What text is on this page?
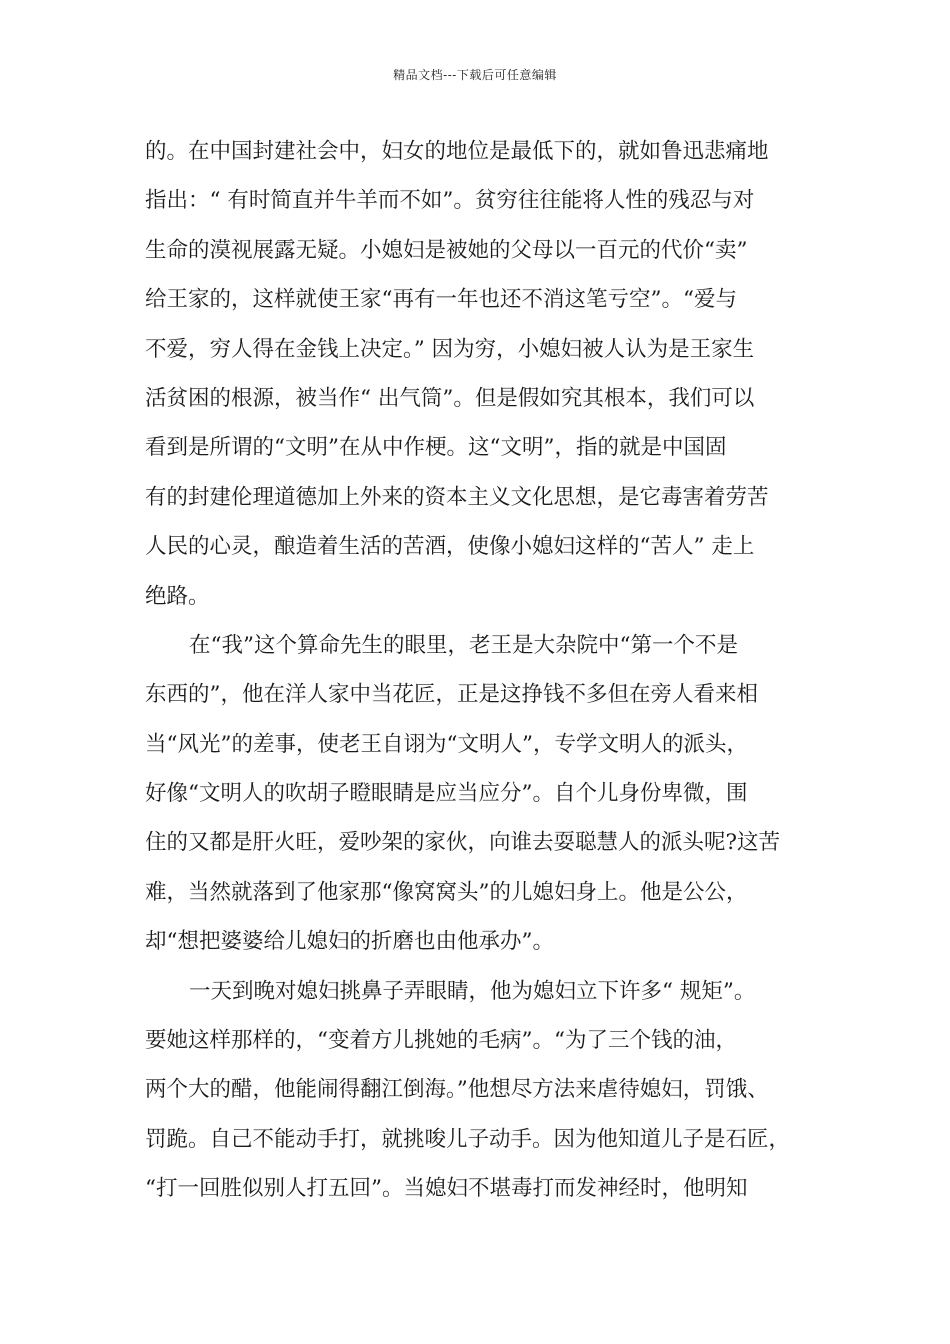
精品文档---下载后可任意编辑
的。在中国封建社会中，妇女的地位是最低下的，就如鲁迅悲痛地
指出：“ 有时简直并牛羊而不如”。贫穷往往能将人性的残忍与对
生命的漠视展露无疑。小媳妇是被她的父母以一百元的代价“卖”
给王家的，这样就使王家“再有一年也还不消这笔亏空”。“爱与
不爱，穷人得在金钱上决定。” 因为穷，小媳妇被人认为是王家生
活贫困的根源，被当作“ 出气筒”。但是假如究其根本，我们可以
看到是所谓的“文明”在从中作梗。这“文明”，指的就是中国固
有的封建伦理道德加上外来的资本主义文化思想，是它毒害着劳苦
人民的心灵，酿造着生活的苦酒，使像小媳妇这样的“苦人” 走上
绝路。
在“我”这个算命先生的眼里，老王是大杂院中“第一个不是
东西的”，他在洋人家中当花匠，正是这挣钱不多但在旁人看来相
当“风光”的差事，使老王自诩为“文明人”，专学文明人的派头，
好像“文明人的吹胡子瞪眼睛是应当应分”。自个儿身份卑微，围
住的又都是肝火旺，爱吵架的家伙，向谁去耍聪慧人的派头呢?这苦
难，当然就落到了他家那“像窝窝头”的儿媳妇身上。他是公公，
却“想把婆婆给儿媳妇的折磨也由他承办”。
一天到晚对媳妇挑鼻子弄眼睛，他为媳妇立下许多“ 规矩”。
要她这样那样的，“变着方儿挑她的毛病”。“为了三个钱的油，
两个大的醋，他能闹得翻江倒海。”他想尽方法来虐待媳妇，罚饿、
罚跪。自己不能动手打，就挑唆儿子动手。因为他知道儿子是石匠，
“打一回胜似别人打五回”。当媳妇不堪毒打而发神经时，他明知
